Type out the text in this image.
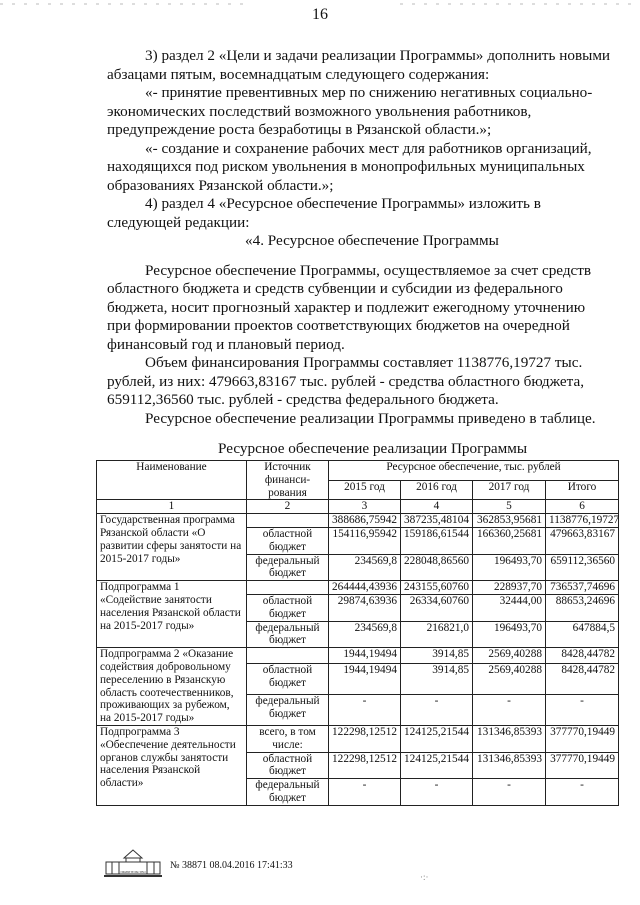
16
3) раздел 2 «Цели и задачи реализации Программы» дополнить новыми
абзацами пятым, восемнадцатым следующего содержания:
«- принятие превентивных мер по снижению негативных социально-
экономических последствий возможного увольнения работников,
предупреждение роста безработицы в Рязанской области.»;
«- создание и сохранение рабочих мест для работников организаций,
находящихся под риском увольнения в монопрофильных муниципальных
образованиях Рязанской области.»;
4) раздел 4 «Ресурсное обеспечение Программы» изложить в
следующей редакции:
«4. Ресурсное обеспечение Программы
Ресурсное обеспечение Программы, осуществляемое за счет средств
областного бюджета и средств субвенции и субсидии из федерального
бюджета, носит прогнозный характер и подлежит ежегодному уточнению
при формировании проектов соответствующих бюджетов на очередной
финансовый год и плановый период.
Объем финансирования Программы составляет 1138776,19727 тыс.
рублей, из них: 479663,83167 тыс. рублей - средства областного бюджета,
659112,36560 тыс. рублей - средства федерального бюджета.
Ресурсное обеспечение реализации Программы приведено в таблице.
Ресурсное обеспечение реализации Программы
Наименование	Источник финанси-рования	Ресурсное обеспечение, тыс. рублей			
		2015 год	2016 год	2017 год	Итого
1	2	3	4	5	6
Государственная программа Рязанской области «О развитии сферы занятости на 2015-2017 годы»		388686,75942	387235,48104	362853,95681	1138776,19727
	областной бюджет	154116,95942	159186,61544	166360,25681	479663,83167
	федеральный бюджет	234569,8	228048,86560	196493,70	659112,36560
Подпрограмма 1 «Содействие занятости населения Рязанской области на 2015-2017 годы»		264444,43936	243155,60760	228937,70	736537,74696
	областной бюджет	29874,63936	26334,60760	32444,00	88653,24696
	федеральный бюджет	234569,8	216821,0	196493,70	647884,5
Подпрограмма 2 «Оказание содействия добровольному переселению в Рязанскую область соотечественников, проживающих за рубежом, на 2015-2017 годы»		1944,19494	3914,85	2569,40288	8428,44782
	областной бюджет	1944,19494	3914,85	2569,40288	8428,44782
	федеральный бюджет	-	-	-	-
Подпрограмма 3 «Обеспечение деятельности органов службы занятости населения Рязанской области»	всего, в том числе:	122298,12512	124125,21544	131346,85393	377770,19449
	областной бюджет	122298,12512	124125,21544	131346,85393	377770,19449
	федеральный бюджет	-	-	-	-
ПРАВИТЕЛЬСТВО
№ 38871 08.04.2016 17:41:33
·:·
